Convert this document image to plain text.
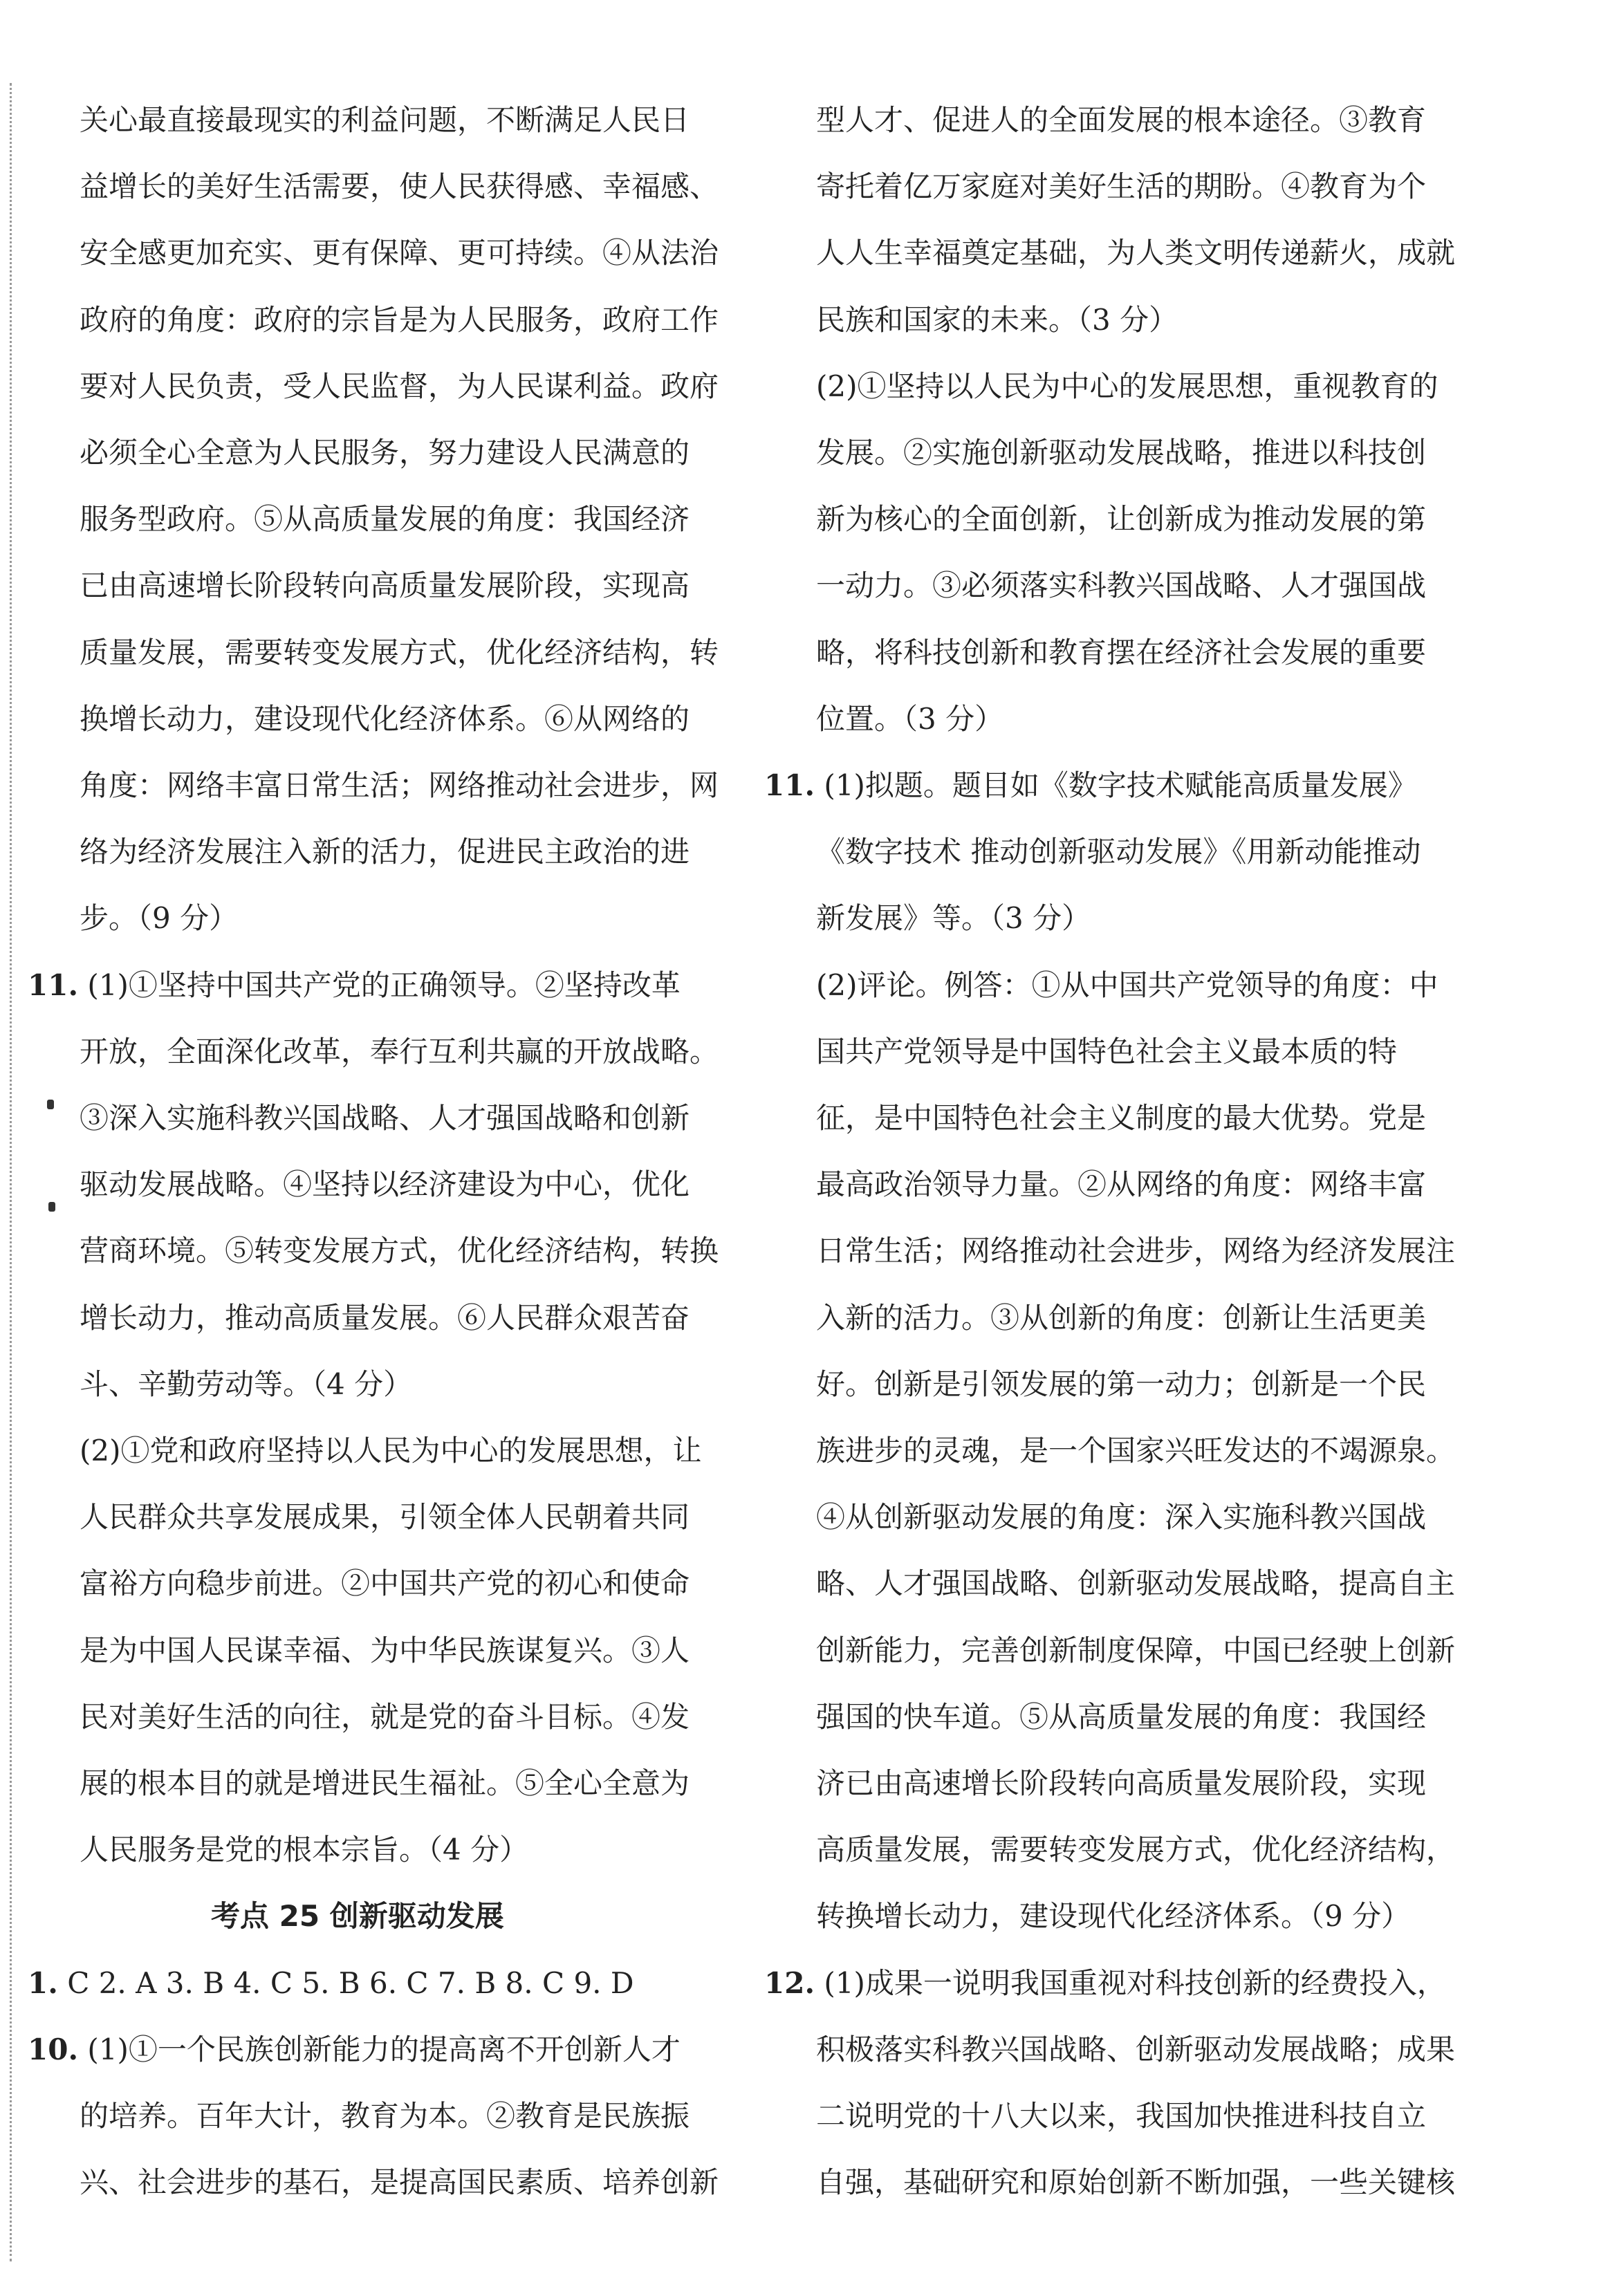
关心最直接最现实的利益问题，不断满足人民日
益增长的美好生活需要，使人民获得感、幸福感、
安全感更加充实、更有保障、更可持续。④从法治
政府的角度：政府的宗旨是为人民服务，政府工作
要对人民负责，受人民监督，为人民谋利益。政府
必须全心全意为人民服务，努力建设人民满意的
服务型政府。⑤从高质量发展的角度：我国经济
已由高速增长阶段转向高质量发展阶段，实现高
质量发展，需要转变发展方式，优化经济结构，转
换增长动力，建设现代化经济体系。⑥从网络的
角度：网络丰富日常生活；网络推动社会进步，网
络为经济发展注入新的活力，促进民主政治的进
步。（9 分）
11. (1)①坚持中国共产党的正确领导。②坚持改革
开放，全面深化改革，奉行互利共赢的开放战略。
③深入实施科教兴国战略、人才强国战略和创新
驱动发展战略。④坚持以经济建设为中心，优化
营商环境。⑤转变发展方式，优化经济结构，转换
增长动力，推动高质量发展。⑥人民群众艰苦奋
斗、辛勤劳动等。（4 分）
(2)①党和政府坚持以人民为中心的发展思想，让
人民群众共享发展成果，引领全体人民朝着共同
富裕方向稳步前进。②中国共产党的初心和使命
是为中国人民谋幸福、为中华民族谋复兴。③人
民对美好生活的向往，就是党的奋斗目标。④发
展的根本目的就是增进民生福祉。⑤全心全意为
人民服务是党的根本宗旨。（4 分）
考点 25 创新驱动发展
1. C 2. A 3. B 4. C 5. B 6. C 7. B 8. C 9. D
10. (1)①一个民族创新能力的提高离不开创新人才
的培养。百年大计，教育为本。②教育是民族振
兴、社会进步的基石，是提高国民素质、培养创新
型人才、促进人的全面发展的根本途径。③教育
寄托着亿万家庭对美好生活的期盼。④教育为个
人人生幸福奠定基础，为人类文明传递薪火，成就
民族和国家的未来。（3 分）
(2)①坚持以人民为中心的发展思想，重视教育的
发展。②实施创新驱动发展战略，推进以科技创
新为核心的全面创新，让创新成为推动发展的第
一动力。③必须落实科教兴国战略、人才强国战
略，将科技创新和教育摆在经济社会发展的重要
位置。（3 分）
11. (1)拟题。题目如《数字技术赋能高质量发展》
《数字技术 推动创新驱动发展》《用新动能推动
新发展》等。（3 分）
(2)评论。例答：①从中国共产党领导的角度：中
国共产党领导是中国特色社会主义最本质的特
征，是中国特色社会主义制度的最大优势。党是
最高政治领导力量。②从网络的角度：网络丰富
日常生活；网络推动社会进步，网络为经济发展注
入新的活力。③从创新的角度：创新让生活更美
好。创新是引领发展的第一动力；创新是一个民
族进步的灵魂，是一个国家兴旺发达的不竭源泉。
④从创新驱动发展的角度：深入实施科教兴国战
略、人才强国战略、创新驱动发展战略，提高自主
创新能力，完善创新制度保障，中国已经驶上创新
强国的快车道。⑤从高质量发展的角度：我国经
济已由高速增长阶段转向高质量发展阶段，实现
高质量发展，需要转变发展方式，优化经济结构，
转换增长动力，建设现代化经济体系。（9 分）
12. (1)成果一说明我国重视对科技创新的经费投入，
积极落实科教兴国战略、创新驱动发展战略；成果
二说明党的十八大以来，我国加快推进科技自立
自强，基础研究和原始创新不断加强，一些关键核
